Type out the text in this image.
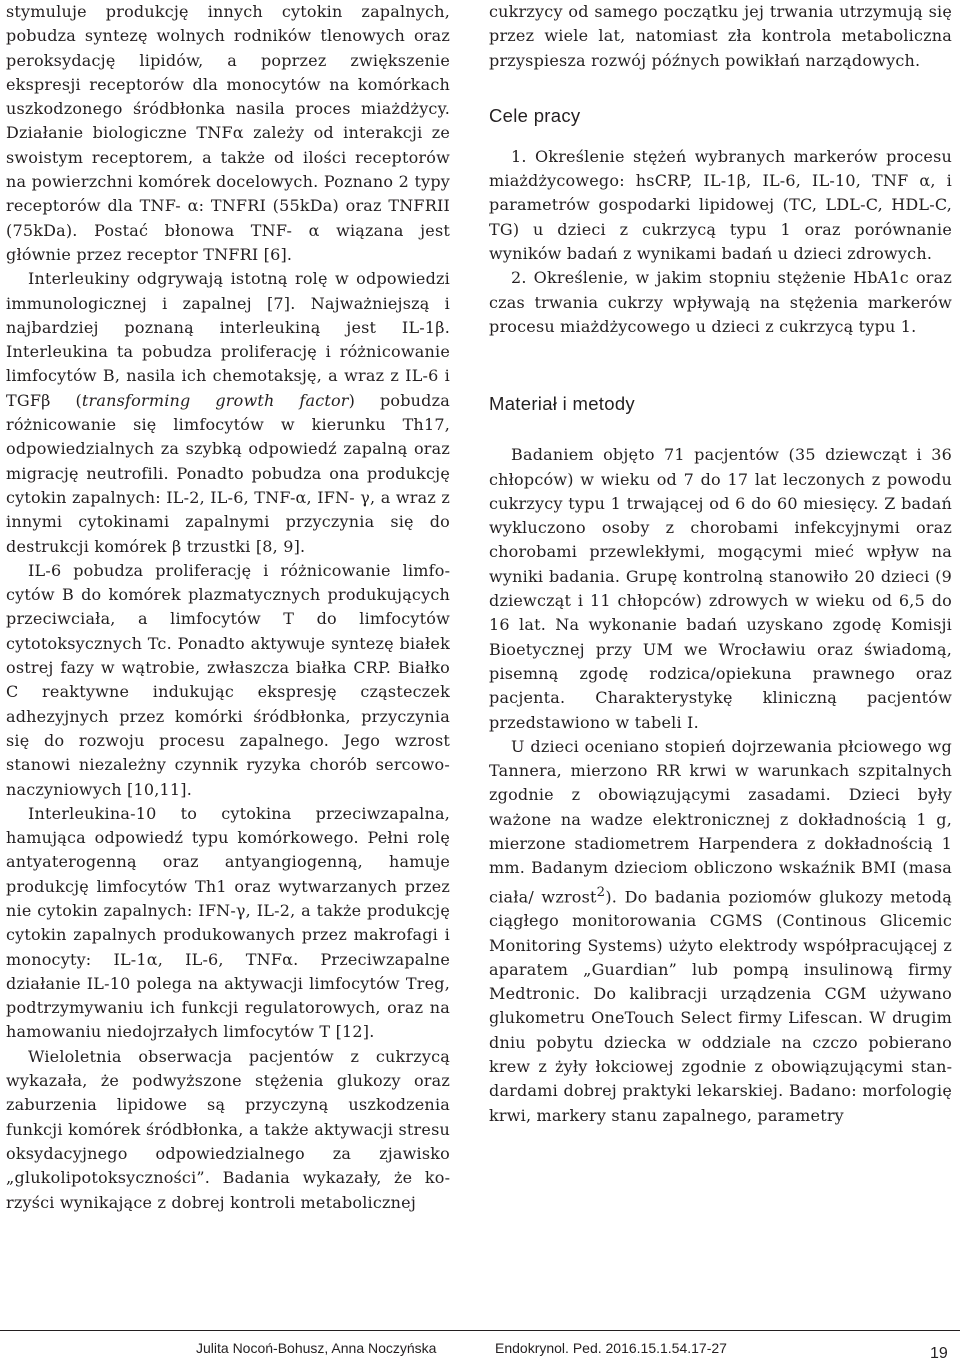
stymuluje produkcję innych cytokin zapalnych, pobudza syntezę wolnych rodników tlenowych oraz peroksydację lipidów, a poprzez zwiększenie ekspresji receptorów dla monocytów na komórkach uszkodzonego śródbłonka nasila proces miażdżycy. Działanie biologiczne TNFα zależy od interakcji ze swoistym receptorem, a także od ilości receptorów na powierzchni komórek docelowych. Poznano 2 typy receptorów dla TNF- α: TNFRI (55kDa) oraz TNFRII (75kDa). Postać błonowa TNF- α wiązana jest głównie przez receptor TNFRI [6].

Interleukiny odgrywają istotną rolę w odpowiedzi immunologicznej i zapalnej [7]. Najważniejszą i najbardziej poznaną interleukiną jest IL-1β. Interleukina ta pobudza proliferację i różnicowanie limfocytów B, nasila ich chemotaksję, a wraz z IL-6 i TGFβ (transforming growth factor) pobudza różnicowanie się limfocytów w kierunku Th17, odpowiedzialnych za szybką odpowiedź zapalną oraz migrację neutrofili. Ponadto pobudza ona produkcję cytokin zapalnych: IL-2, IL-6, TNF-α, IFN- γ, a wraz z innymi cytokinami zapalnymi przyczynia się do destrukcji komórek β trzustki [8, 9].

IL-6 pobudza proliferację i różnicowanie limfocytów B do komórek plazmatycznych produkujących przeciwciała, a limfocytów T do limfocytów cytotoksycznych Tc. Ponadto aktywuje syntezę białek ostrej fazy w wątrobie, zwłaszcza białka CRP. Białko C reaktywne indukując ekspresję cząsteczek adhezyjnych przez komórki śródbłonka, przyczynia się do rozwoju procesu zapalnego. Jego wzrost stanowi niezależny czynnik ryzyka chorób sercowo-naczyniowych [10,11].

Interleukina-10 to cytokina przeciwzapalna, hamująca odpowiedź typu komórkowego. Pełni rolę antyaterogenną oraz antyangiogenną, hamuje produkcję limfocytów Th1 oraz wytwarzanych przez nie cytokin zapalnych: IFN-γ, IL-2, a także produkcję cytokin zapalnych produkowanych przez makrofagi i monocyty: IL-1α, IL-6, TNFα. Przeciwzapalne działanie IL-10 polega na aktywacji limfocytów Treg, podtrzymywaniu ich funkcji regulatorowych, oraz na hamowaniu niedojrzałych limfocytów T [12].

Wieloletnia obserwacja pacjentów z cukrzycą wykazała, że podwyższone stężenia glukozy oraz zaburzenia lipidowe są przyczyną uszkodzenia funkcji komórek śródbłonka, a także aktywacji stresu oksydacyjnego odpowiedzialnego za zjawisko „glukolipotoksyczności”. Badania wykazały, że korzyści wynikające z dobrej kontroli metabolicznej

cukrzycy od samego początku jej trwania utrzymują się przez wiele lat, natomiast zła kontrola metaboliczna przyspiesza rozwój późnych powikłań narządowych.

Cele pracy

1. Określenie stężeń wybranych markerów procesu miażdżycowego: hsCRP, IL-1β, IL-6, IL-10, TNF α, i parametrów gospodarki lipidowej (TC, LDL-C, HDL-C, TG) u dzieci z cukrzycą typu 1 oraz porównanie wyników badań z wynikami badań u dzieci zdrowych.

2. Określenie, w jakim stopniu stężenie HbA1c oraz czas trwania cukrzy wpływają na stężenia markerów procesu miażdżycowego u dzieci z cukrzycą typu 1.

Materiał i metody

Badaniem objęto 71 pacjentów (35 dziewcząt i 36 chłopców) w wieku od 7 do 17 lat leczonych z powodu cukrzycy typu 1 trwającej od 6 do 60 miesięcy. Z badań wykluczono osoby z chorobami infekcyjnymi oraz chorobami przewlekłymi, mogącymi mieć wpływ na wyniki badania. Grupę kontrolną stanowiło 20 dzieci (9 dziewcząt i 11 chłopców) zdrowych w wieku od 6,5 do 16 lat. Na wykonanie badań uzyskano zgodę Komisji Bioetycznej przy UM we Wrocławiu oraz świadomą, pisemną zgodę rodzica/opiekuna prawnego oraz pacjenta. Charakterystykę kliniczną pacjentów przedstawiono w tabeli I.

U dzieci oceniano stopień dojrzewania płciowego wg Tannera, mierzono RR krwi w warunkach szpitalnych zgodnie z obowiązującymi zasadami. Dzieci były ważone na wadze elektronicznej z dokładnością 1 g, mierzone stadiometrem Harpendera z dokładnością 1 mm. Badanym dzieciom obliczono wskaźnik BMI (masa ciała/ wzrost$^2$). Do badania poziomów glukozy metodą ciągłego monitorowania CGMS (Continous Glicemic Monitoring Systems) użyto elektrody współpracującej z aparatem „Guardian” lub pompą insulinową firmy Medtronic. Do kalibracji urządzenia CGM używano glukometru OneTouch Select firmy Lifescan. W drugim dniu pobytu dziecka w oddziale na czczo pobierano krew z żyły łokciowej zgodnie z obowiązującymi standardami dobrej praktyki lekarskiej. Badano: morfologię krwi, markery stanu zapalnego, parametry

Julita Nocoń-Bohusz, Anna Noczyńska	Endokrynol. Ped. 2016.15.1.54.17-27	19
